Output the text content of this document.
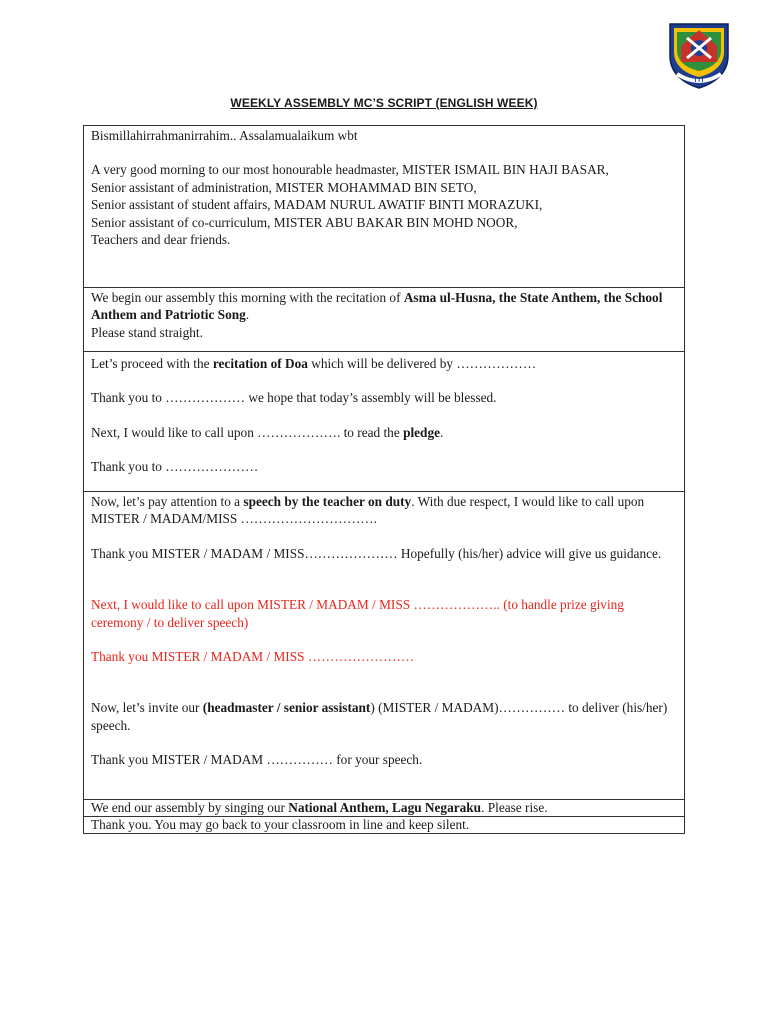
I I I
WEEKLY ASSEMBLY MC’S SCRIPT (ENGLISH WEEK)

Bismillahirrahmanirrahim.. Assalamualaikum wbt

A very good morning to our most honourable headmaster, MISTER ISMAIL BIN HAJI BASAR,

Senior assistant of administration, MISTER MOHAMMAD BIN SETO,

Senior assistant of student affairs, MADAM NURUL AWATIF BINTI MORAZUKI,

Senior assistant of co-curriculum, MISTER ABU BAKAR BIN MOHD NOOR,

Teachers and dear friends.

We begin our assembly this morning with the recitation of Asma ul-Husna, the State Anthem, the School Anthem and Patriotic Song.

Please stand straight.

Let’s proceed with the recitation of Doa which will be delivered by ………………

Thank you to ……………… we hope that today’s assembly will be blessed.

Next, I would like to call upon ………………. to read the pledge.

Thank you to …………………

Now, let’s pay attention to a speech by the teacher on duty. With due respect, I would like to call upon MISTER / MADAM/MISS ………………………….

Thank you MISTER / MADAM / MISS………………… Hopefully (his/her) advice will give us guidance.

Next, I would like to call upon MISTER / MADAM / MISS ……………….. (to handle prize giving ceremony / to deliver speech)

Thank you MISTER / MADAM / MISS ……………………

Now, let’s invite our (headmaster / senior assistant) (MISTER / MADAM)…………… to deliver (his/her) speech.

Thank you MISTER / MADAM …………… for your speech.

We end our assembly by singing our National Anthem, Lagu Negaraku. Please rise.

Thank you. You may go back to your classroom in line and keep silent.
